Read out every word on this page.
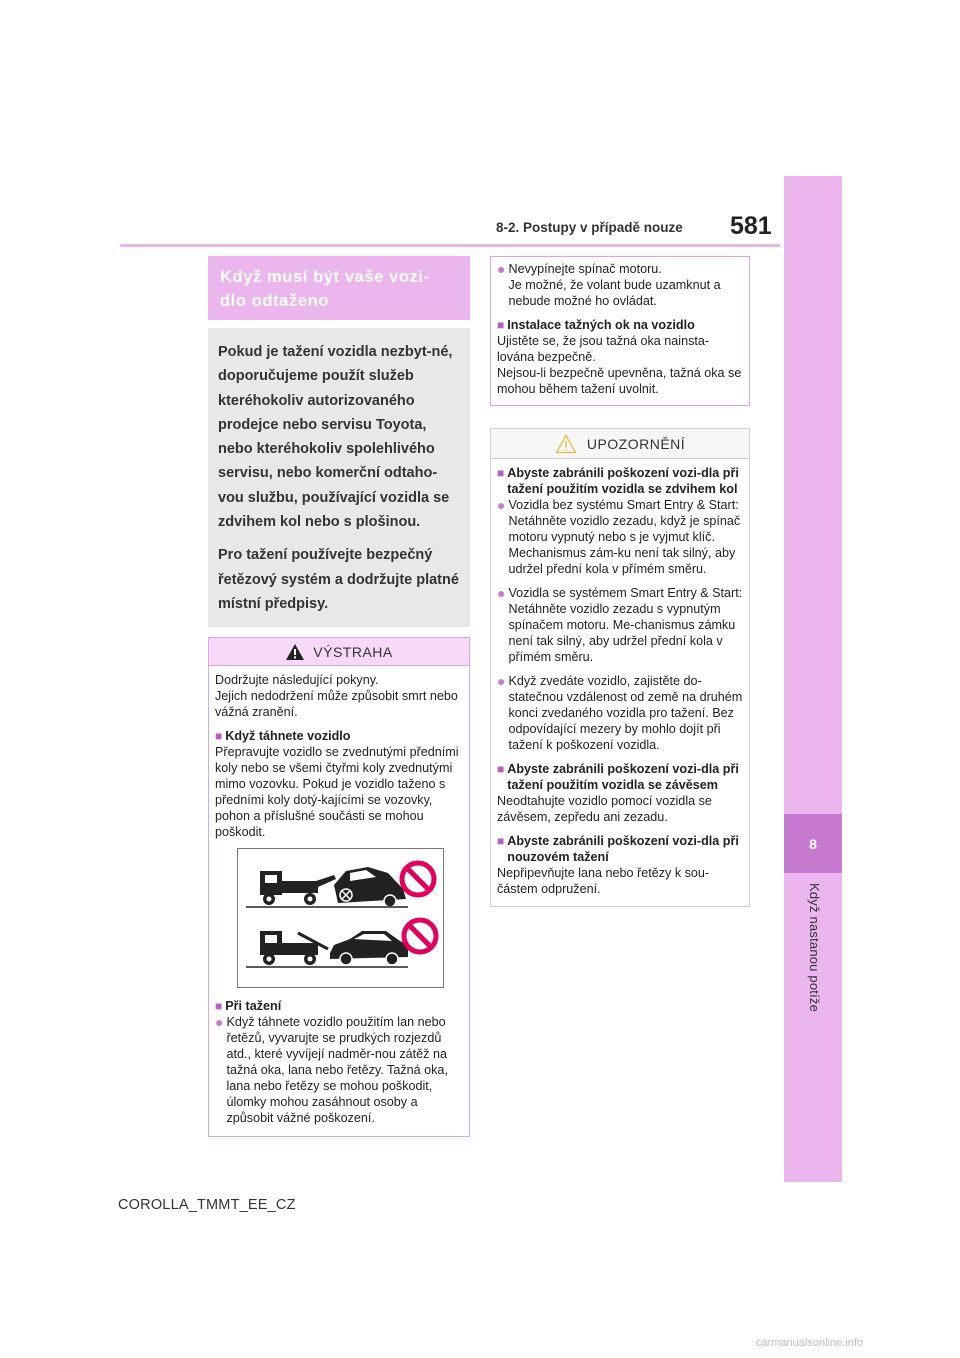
8-2. Postupy v případě nouze 581
8
Když nastanou potíže
Když musí být vaše vozi-
dlo odtaženo

Pokud je tažení vozidla nezbyt-né, doporučujeme použít služeb kteréhokoliv autorizovaného prodejce nebo servisu Toyota, nebo kteréhokoliv spolehlivého servisu, nebo komerční odtaho-vou službu, používající vozidla se zdvihem kol nebo s plošinou.

Pro tažení používejte bezpečný řetězový systém a dodržujte platné místní předpisy.

VÝSTRAHA
Dodržujte následující pokyny.
Jejich nedodržení může způsobit smrt nebo vážná zranění.
■ Když táhnete vozidlo
Přepravujte vozidlo se zvednutými předními koly nebo se všemi čtyřmi koly zvednutými mimo vozovku. Pokud je vozidlo taženo s předními koly dotý-kajícími se vozovky, pohon a příslušné součásti se mohou poškodit.
■ Při tažení
● Když táhnete vozidlo použitím lan nebo řetězů, vyvarujte se prudkých rozjezdů atd., které vyvíjejí nadměr-nou zátěž na tažná oka, lana nebo řetězy. Tažná oka, lana nebo řetězy se mohou poškodit, úlomky mohou zasáhnout osoby a způsobit vážné poškození.
● Nevypínejte spínač motoru.
Je možné, že volant bude uzamknut a nebude možné ho ovládat.
■ Instalace tažných ok na vozidlo
Ujistěte se, že jsou tažná oka nainsta-lována bezpečně.
Nejsou-li bezpečně upevněna, tažná oka se mohou během tažení uvolnit.
UPOZORNĚNÍ
■ Abyste zabránili poškození vozi-dla při tažení použitím vozidla se zdvihem kol
● Vozidla bez systému Smart Entry & Start: Netáhněte vozidlo zezadu, když je spínač motoru vypnutý nebo s je vyjmut klíč. Mechanismus zám-ku není tak silný, aby udržel přední kola v přímém směru.
● Vozidla se systémem Smart Entry & Start: Netáhněte vozidlo zezadu s vypnutým spínačem motoru. Me-chanismus zámku není tak silný, aby udržel přední kola v přímém směru.
● Když zvedáte vozidlo, zajistěte do-statečnou vzdálenost od země na druhém konci zvedaného vozidla pro tažení. Bez odpovídající mezery by mohlo dojít při tažení k poškození vozidla.
■ Abyste zabránili poškození vozi-dla při tažení použitím vozidla se závěsem
Neodtahujte vozidlo pomocí vozidla se závěsem, zepředu ani zezadu.
■ Abyste zabránili poškození vozi-dla při nouzovém tažení
Nepřipevňujte lana nebo řetězy k sou-částem odpružení.
COROLLA_TMMT_EE_CZ
carmanualsonline.info
